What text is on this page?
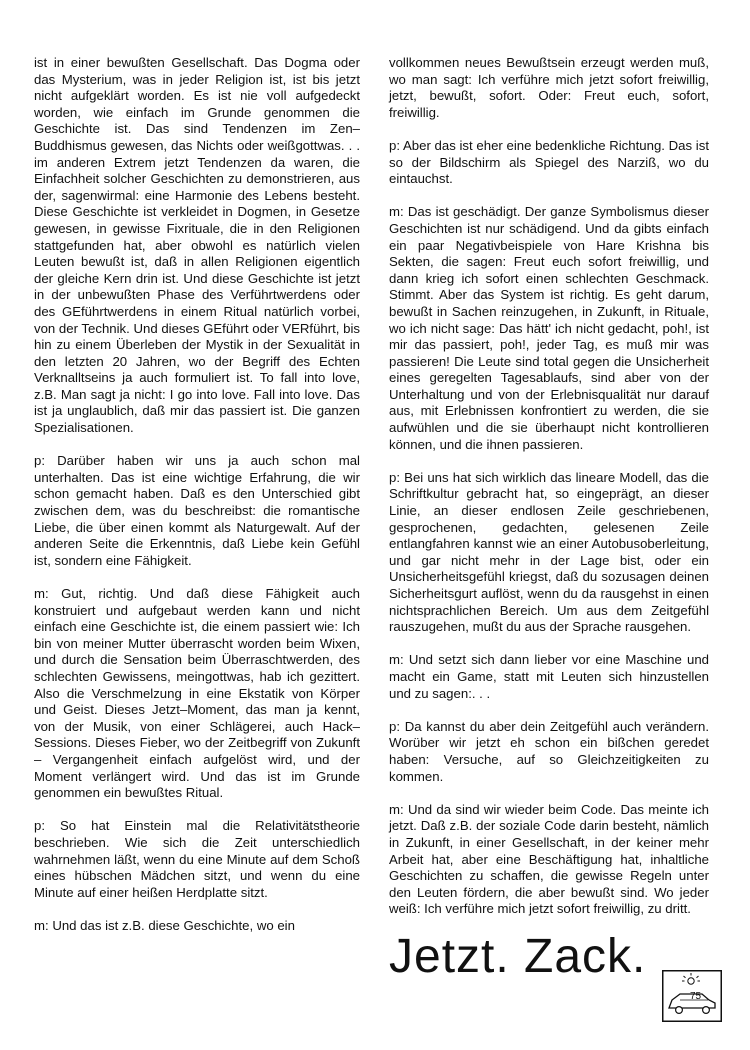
ist in einer bewußten Gesellschaft. Das Dogma oder das Mysterium, was in jeder Religion ist, ist bis jetzt nicht aufgeklärt worden. Es ist nie voll aufgedeckt worden, wie einfach im Grunde genommen die Geschichte ist. Das sind Tendenzen im Zen–Buddhismus gewesen, das Nichts oder weißgottwas. . . im anderen Extrem jetzt Tendenzen da waren, die Einfachheit solcher Geschichten zu demonstrieren, aus der, sagenwirmal: eine Harmonie des Lebens besteht. Diese Geschichte ist verkleidet in Dogmen, in Gesetze gewesen, in gewisse Fixrituale, die in den Religionen stattgefunden hat, aber obwohl es natürlich vielen Leuten bewußt ist, daß in allen Religionen eigentlich der gleiche Kern drin ist. Und diese Geschichte ist jetzt in der unbewußten Phase des Verführtwerdens oder des GEführtwerdens in einem Ritual natürlich vorbei, von der Technik. Und dieses GEführt oder VERführt, bis hin zu einem Überleben der Mystik in der Sexualität in den letzten 20 Jahren, wo der Begriff des Echten Verknalltseins ja auch formuliert ist. To fall into love, z.B. Man sagt ja nicht: I go into love. Fall into love. Das ist ja unglaublich, daß mir das passiert ist. Die ganzen Spezialisationen.

p: Darüber haben wir uns ja auch schon mal unterhalten. Das ist eine wichtige Erfahrung, die wir schon gemacht haben. Daß es den Unterschied gibt zwischen dem, was du beschreibst: die romantische Liebe, die über einen kommt als Naturgewalt. Auf der anderen Seite die Erkenntnis, daß Liebe kein Gefühl ist, sondern eine Fähigkeit.

m: Gut, richtig. Und daß diese Fähigkeit auch konstruiert und aufgebaut werden kann und nicht einfach eine Geschichte ist, die einem passiert wie: Ich bin von meiner Mutter überrascht worden beim Wixen, und durch die Sensation beim Überraschtwerden, des schlechten Gewissens, meingottwas, hab ich gezittert. Also die Verschmelzung in eine Ekstatik von Körper und Geist. Dieses Jetzt–Moment, das man ja kennt, von der Musik, von einer Schlägerei, auch Hack–Sessions. Dieses Fieber, wo der Zeitbegriff von Zukunft – Vergangenheit einfach aufgelöst wird, und der Moment verlängert wird. Und das ist im Grunde genommen ein bewußtes Ritual.

p: So hat Einstein mal die Relativitätstheorie beschrieben. Wie sich die Zeit unterschiedlich wahrnehmen läßt, wenn du eine Minute auf dem Schoß eines hübschen Mädchen sitzt, und wenn du eine Minute auf einer heißen Herdplatte sitzt.

m: Und das ist z.B. diese Geschichte, wo ein

vollkommen neues Bewußtsein erzeugt werden muß, wo man sagt: Ich verführe mich jetzt sofort freiwillig, jetzt, bewußt, sofort. Oder: Freut euch, sofort, freiwillig.

p: Aber das ist eher eine bedenkliche Richtung. Das ist so der Bildschirm als Spiegel des Narziß, wo du eintauchst.

m: Das ist geschädigt. Der ganze Symbolismus dieser Geschichten ist nur schädigend. Und da gibts einfach ein paar Negativbeispiele von Hare Krishna bis Sekten, die sagen: Freut euch sofort freiwillig, und dann krieg ich sofort einen schlechten Geschmack. Stimmt. Aber das System ist richtig. Es geht darum, bewußt in Sachen reinzugehen, in Zukunft, in Rituale, wo ich nicht sage: Das hätt' ich nicht gedacht, poh!, ist mir das passiert, poh!, jeder Tag, es muß mir was passieren! Die Leute sind total gegen die Unsicherheit eines geregelten Tagesablaufs, sind aber von der Unterhaltung und von der Erlebnisqualität nur darauf aus, mit Erlebnissen konfrontiert zu werden, die sie aufwühlen und die sie überhaupt nicht kontrollieren können, und die ihnen passieren.

p: Bei uns hat sich wirklich das lineare Modell, das die Schriftkultur gebracht hat, so eingeprägt, an dieser Linie, an dieser endlosen Zeile geschriebenen, gesprochenen, gedachten, gelesenen Zeile entlangfahren kannst wie an einer Autobusoberleitung, und gar nicht mehr in der Lage bist, oder ein Unsicherheitsgefühl kriegst, daß du sozusagen deinen Sicherheitsgurt auflöst, wenn du da rausgehst in einen nichtsprachlichen Bereich. Um aus dem Zeitgefühl rauszugehen, mußt du aus der Sprache rausgehen.

m: Und setzt sich dann lieber vor eine Maschine und macht ein Game, statt mit Leuten sich hinzustellen und zu sagen:. . .

p: Da kannst du aber dein Zeitgefühl auch verändern. Worüber wir jetzt eh schon ein bißchen geredet haben: Versuche, auf so Gleichzeitigkeiten zu kommen.

m: Und da sind wir wieder beim Code. Das meinte ich jetzt. Daß z.B. der soziale Code darin besteht, nämlich in Zukunft, in einer Gesellschaft, in der keiner mehr Arbeit hat, aber eine Beschäftigung hat, inhaltliche Geschichten zu schaffen, die gewisse Regeln unter den Leuten fördern, die aber bewußt sind. Wo jeder weiß: Ich verführe mich jetzt sofort freiwillig, zu dritt.

Jetzt. Zack.
75
